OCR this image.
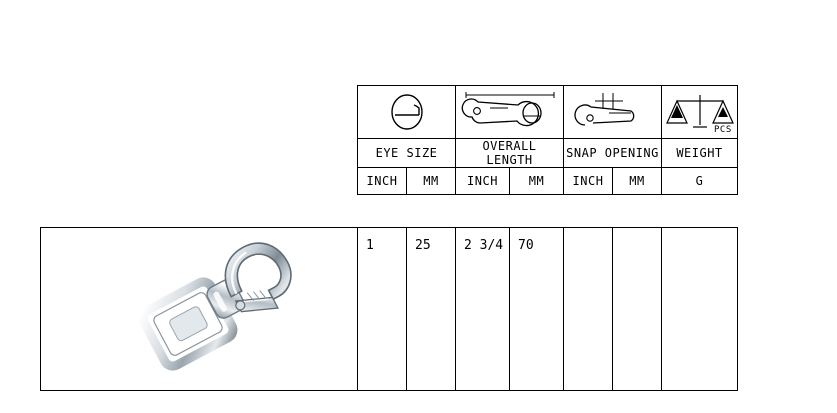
PCS

EYE SIZE		OVERALL LENGTH		SNAP OPENING		WEIGHT
INCH	MM	INCH	MM	INCH	MM	G
	1	25	2 3/4	70			
